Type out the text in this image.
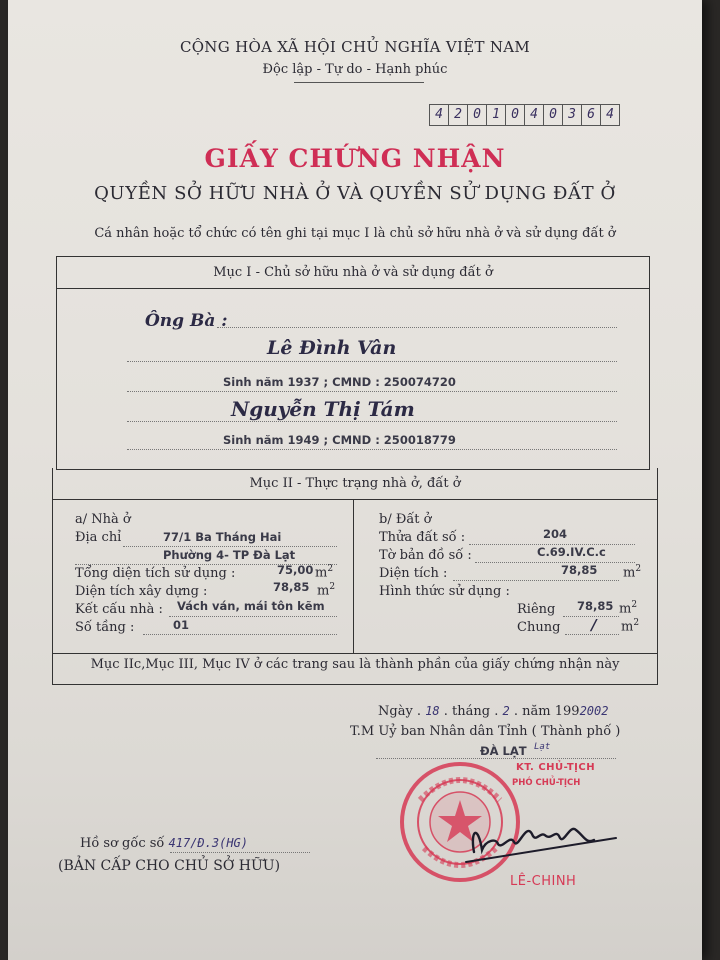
CỘNG HÒA XÃ HỘI CHỦ NGHĨA VIỆT NAM
Độc lập - Tự do - Hạnh phúc
4 2 0 1 0 4 0 3 6 4
GIẤY CHỨNG NHẬN
QUYỀN SỞ HỮU NHÀ Ở VÀ QUYỀN SỬ DỤNG ĐẤT Ở
Cá nhân hoặc tổ chức có tên ghi tại mục I là chủ sở hữu nhà ở và sử dụng đất ở
Mục I - Chủ sở hữu nhà ở và sử dụng đất ở
Ông Bà :
Lê Đình Vân
Sinh năm 1937 ; CMND : 250074720
Nguyễn Thị Tám
Sinh năm 1949 ; CMND : 250018779
Mục II - Thực trạng nhà ở, đất ở
a/ Nhà ở
Địa chỉ	77/1 Ba Tháng Hai
Phường 4- TP Đà Lạt
Tổng diện tích sử dụng :	75,00 $m^2$
Diện tích xây dựng :	78,85 $m^2$
Kết cấu nhà : Vách ván, mái tôn kẽm
Số tầng :	01
b/ Đất ở
Thửa đất số :	204
Tờ bản đồ số :	C.69.IV.C.c
Diện tích :	78,85 $m^2$
Hình thức sử dụng :
Riêng 78,85 $m^2$
Chung / $m^2$
Mục IIc,Mục III, Mục IV ở các trang sau là thành phần của giấy chứng nhận này
Ngày . 18 . tháng . 2 . năm 1992002
T.M Uỷ ban Nhân dân Tỉnh ( Thành phố )
ĐÀ LẠT Lạt
KT. CHỦ-TỊCH
PHÓ CHỦ-TỊCH
LÊ-CHINH
Hồ sơ gốc số 417/Đ.3(HG)
(BẢN CẤP CHO CHỦ SỞ HỮU)
